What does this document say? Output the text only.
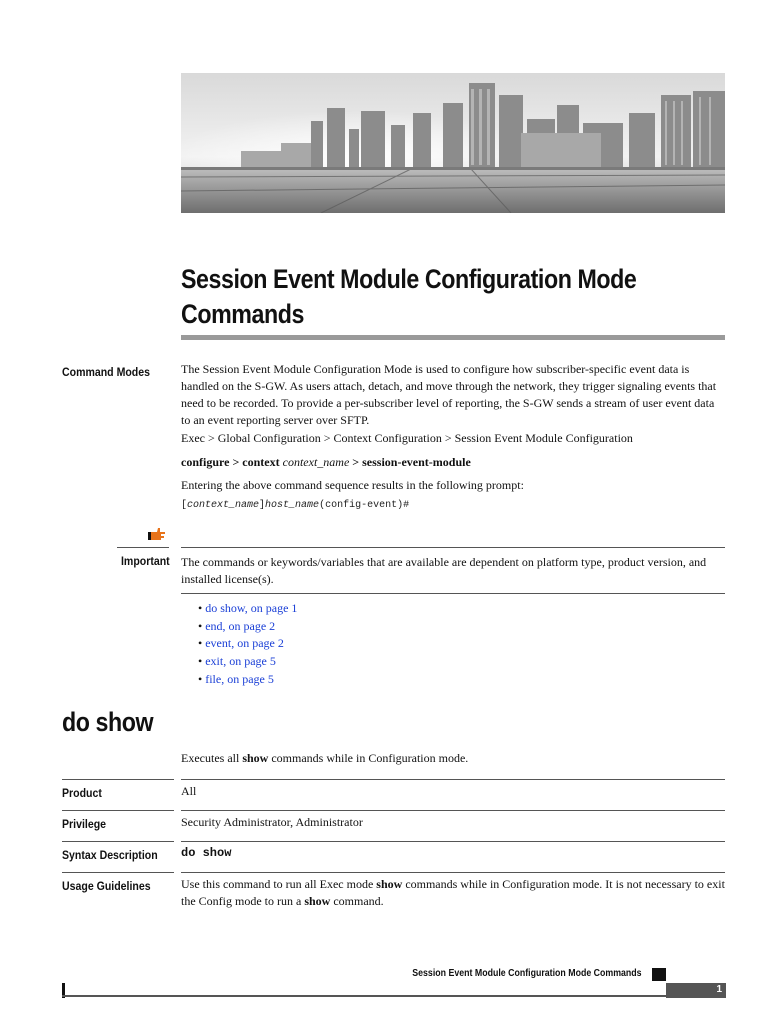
Session Event Module Configuration Mode
Commands
Command Modes	The Session Event Module Configuration Mode is used to configure how subscriber-specific event data is handled on the S-GW. As users attach, detach, and move through the network, they trigger signaling events that need to be recorded. To provide a per-subscriber level of reporting, the S-GW sends a stream of user event data to an event reporting server over SFTP.
Exec > Global Configuration > Context Configuration > Session Event Module Configuration
configure > context context_name > session-event-module
Entering the above command sequence results in the following prompt:
[context_name]host_name(config-event)#
Important The commands or keywords/variables that are available are dependent on platform type, product version, and installed license(s).
• do show, on page 1
• end, on page 2
• event, on page 2
• exit, on page 5
• file, on page 5
do show
Executes all show commands while in Configuration mode.
Product	All
Privilege	Security Administrator, Administrator
Syntax Description do show
Usage Guidelines	Use this command to run all Exec mode show commands while in Configuration mode. It is not necessary to exit the Config mode to run a show command.
Session Event Module Configuration Mode Commands
1
